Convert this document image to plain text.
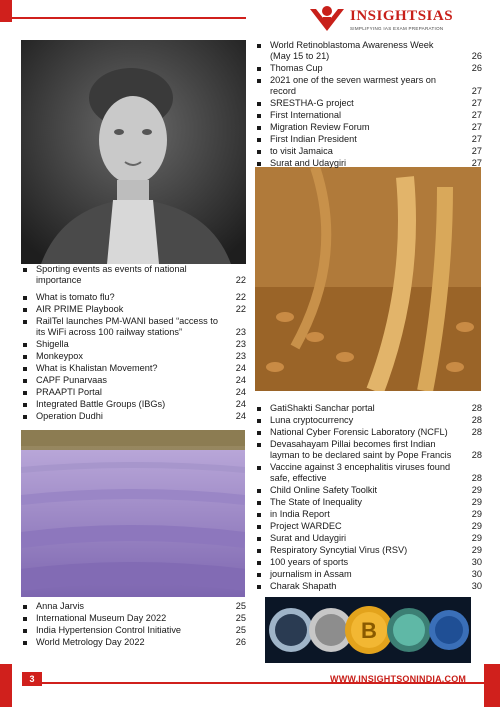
INSIGHTSIAS
SIMPLIFYING IAS EXAM PREPARATION
B
Sporting events as events of national importance	22
What is tomato flu?	22
AIR PRIME Playbook	22
RailTel launches PM-WANI based “access to its WiFi across 100 railway stations”	23
Shigella	23
Monkeypox	23
What is Khalistan Movement?	24
CAPF Punarvaas	24
PRAAPTI Portal	24
Integrated Battle Groups (IBGs)	24
Operation Dudhi	24
Anna Jarvis	25
International Museum Day 2022	25
India Hypertension Control Initiative	25
World Metrology Day 2022	26
World Retinoblastoma Awareness Week (May 15 to 21)	26
Thomas Cup	26
2021 one of the seven warmest years on record	27
SRESTHA-G project	27
First International	27
Migration Review Forum	27
First Indian President	27
to visit Jamaica	27
Surat and Udaygiri	27
GatiShakti Sanchar portal	28
Luna cryptocurrency	28
National Cyber Forensic Laboratory (NCFL)	28
Devasahayam Pillai becomes first Indian layman to be declared saint by Pope Francis	28
Vaccine against 3 encephalitis viruses found safe, effective	28
Child Online Safety Toolkit	29
The State of Inequality	29
in India Report	29
Project WARDEC	29
Surat and Udaygiri	29
Respiratory Syncytial Virus (RSV)	29
100 years of sports	30
journalism in Assam	30
Charak Shapath	30
3	WWW.INSIGHTSONINDIA.COM
